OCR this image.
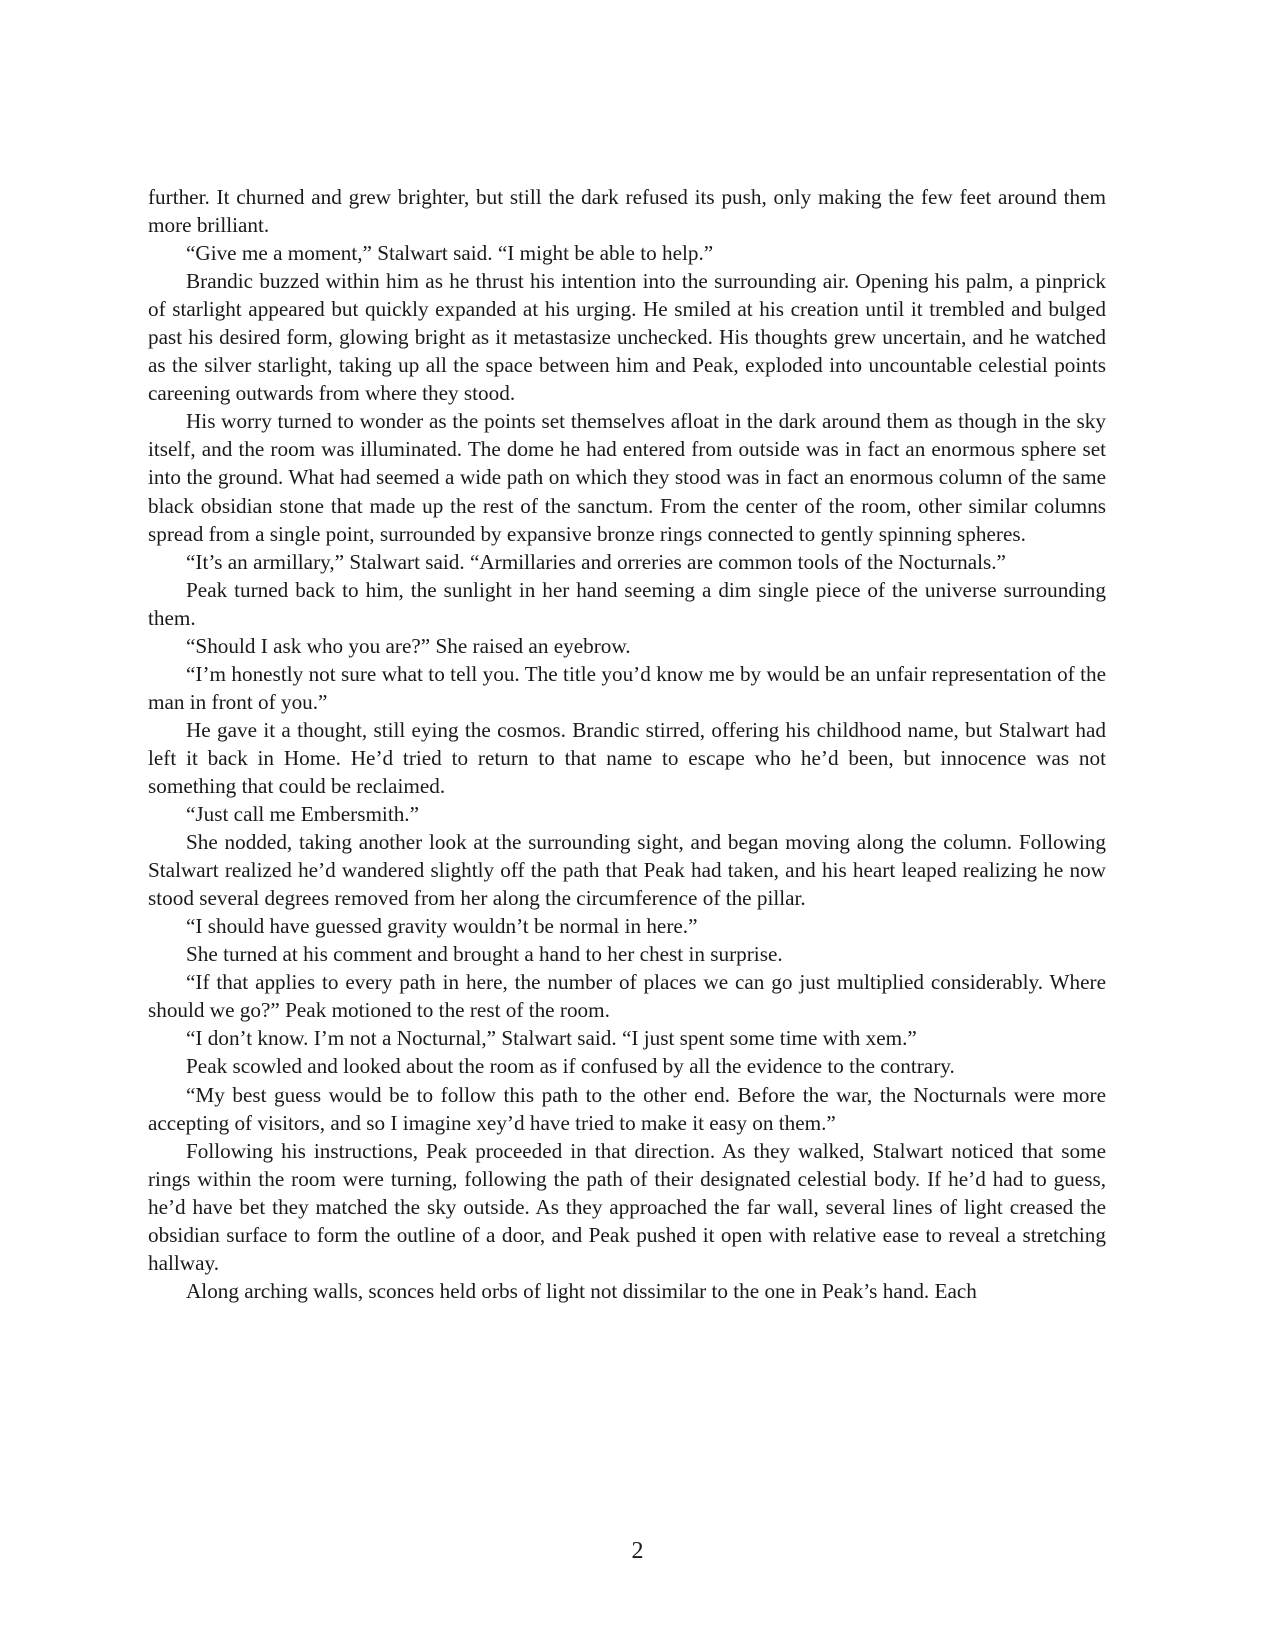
further. It churned and grew brighter, but still the dark refused its push, only making the few feet around them more brilliant.

“Give me a moment,” Stalwart said. “I might be able to help.”

Brandic buzzed within him as he thrust his intention into the surrounding air. Opening his palm, a pinprick of starlight appeared but quickly expanded at his urging. He smiled at his creation until it trembled and bulged past his desired form, glowing bright as it metastasize unchecked. His thoughts grew uncertain, and he watched as the silver starlight, taking up all the space between him and Peak, exploded into uncountable celestial points careening outwards from where they stood.

His worry turned to wonder as the points set themselves afloat in the dark around them as though in the sky itself, and the room was illuminated. The dome he had entered from outside was in fact an enormous sphere set into the ground. What had seemed a wide path on which they stood was in fact an enormous column of the same black obsidian stone that made up the rest of the sanctum. From the center of the room, other similar columns spread from a single point, surrounded by expansive bronze rings connected to gently spinning spheres.

“It’s an armillary,” Stalwart said. “Armillaries and orreries are common tools of the Nocturnals.”

Peak turned back to him, the sunlight in her hand seeming a dim single piece of the universe surrounding them.

“Should I ask who you are?” She raised an eyebrow.

“I’m honestly not sure what to tell you. The title you’d know me by would be an unfair representation of the man in front of you.”

He gave it a thought, still eying the cosmos. Brandic stirred, offering his childhood name, but Stalwart had left it back in Home. He’d tried to return to that name to escape who he’d been, but innocence was not something that could be reclaimed.

“Just call me Embersmith.”

She nodded, taking another look at the surrounding sight, and began moving along the column. Following Stalwart realized he’d wandered slightly off the path that Peak had taken, and his heart leaped realizing he now stood several degrees removed from her along the circumference of the pillar.

“I should have guessed gravity wouldn’t be normal in here.”

She turned at his comment and brought a hand to her chest in surprise.

“If that applies to every path in here, the number of places we can go just multiplied considerably. Where should we go?” Peak motioned to the rest of the room.

“I don’t know. I’m not a Nocturnal,” Stalwart said. “I just spent some time with xem.”

Peak scowled and looked about the room as if confused by all the evidence to the contrary.

“My best guess would be to follow this path to the other end. Before the war, the Nocturnals were more accepting of visitors, and so I imagine xey’d have tried to make it easy on them.”

Following his instructions, Peak proceeded in that direction. As they walked, Stalwart noticed that some rings within the room were turning, following the path of their designated celestial body. If he’d had to guess, he’d have bet they matched the sky outside. As they approached the far wall, several lines of light creased the obsidian surface to form the outline of a door, and Peak pushed it open with relative ease to reveal a stretching hallway.

Along arching walls, sconces held orbs of light not dissimilar to the one in Peak’s hand. Each

2
